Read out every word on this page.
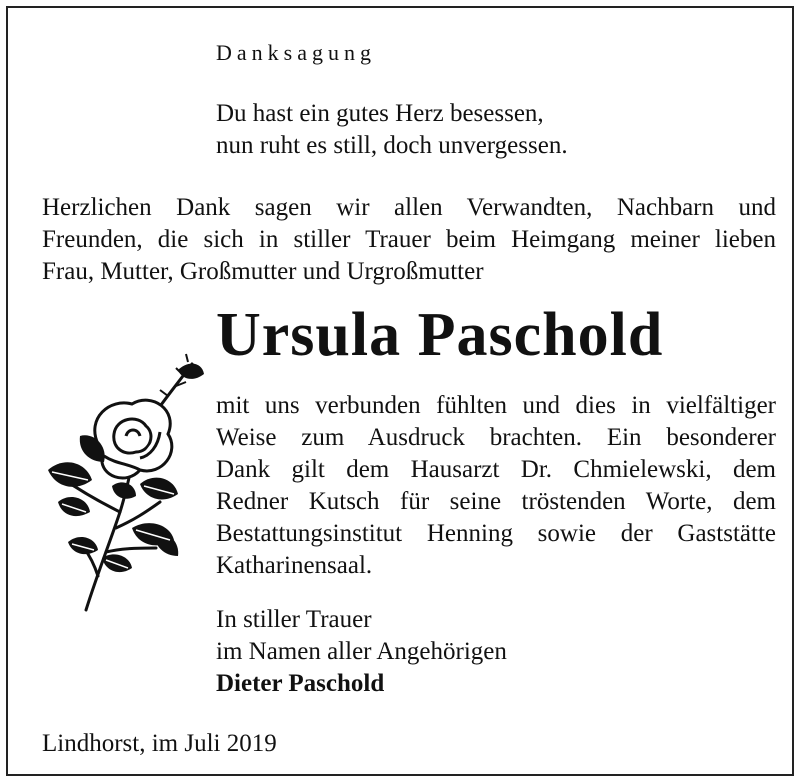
Danksagung

Du hast ein gutes Herz besessen,
nun ruht es still, doch unvergessen.
Herzlichen Dank sagen wir allen Verwandten, Nachbarn und
Freunden, die sich in stiller Trauer beim Heimgang meiner lieben
Frau, Mutter, Großmutter und Urgroßmutter

Ursula Paschold

mit uns verbunden fühlten und dies in vielfältiger
Weise zum Ausdruck brachten. Ein besonderer
Dank gilt dem Hausarzt Dr. Chmielewski, dem
Redner Kutsch für seine tröstenden Worte, dem
Bestattungsinstitut Henning sowie der Gaststätte
Katharinensaal.
In stiller Trauer
im Namen aller Angehörigen
Dieter Paschold

Lindhorst, im Juli 2019
